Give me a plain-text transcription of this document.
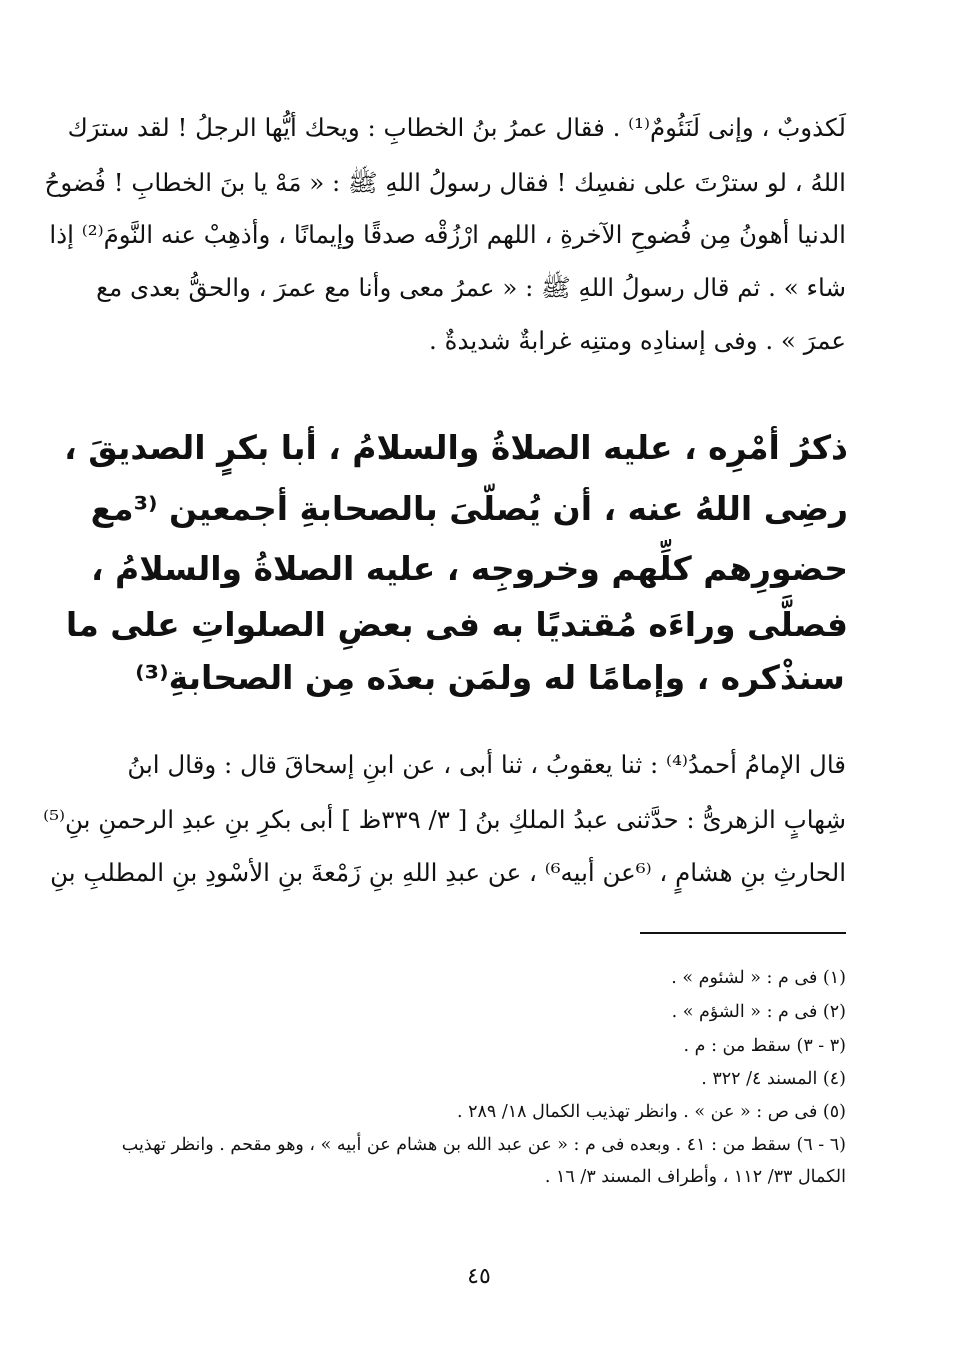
لَكذوبٌ ، وإنى لَنَئُومٌ⁽¹⁾ . فقال عمرُ بنُ الخطابِ : ويحك أيُّها الرجلُ ! لقد سترَك
اللهُ ، لو سترْتَ على نفسِك ! فقال رسولُ اللهِ ﷺ : « مَهْ يا بنَ الخطابِ ! فُضوحُ
الدنيا أهونُ مِن فُضوحِ الآخرةِ ، اللهم ارْزُقْه صدقًا وإيمانًا ، وأذهِبْ عنه النَّومَ⁽²⁾ إذا
شاء » . ثم قال رسولُ اللهِ ﷺ : « عمرُ معى وأنا مع عمرَ ، والحقُّ بعدى مع
عمرَ » . وفى إسنادِه ومتنِه غرابةٌ شديدةٌ .
ذكرُ أمْرِه ، عليه الصلاةُ والسلامُ ، أبا بكرٍ الصديقَ ،
رضِى اللهُ عنه ، أن يُصلّىَ بالصحابةِ أجمعين ⁽³مع
حضورِهم كلِّهم وخروجِه ، عليه الصلاةُ والسلامُ ،
فصلَّى وراءَه مُقتديًا به فى بعضِ الصلواتِ على ما
سنذْكره ، وإمامًا له ولمَن بعدَه مِن الصحابةِ⁽³⁾
قال الإمامُ أحمدُ⁽⁴⁾ : ثنا يعقوبُ ، ثنا أبى ، عن ابنِ إسحاقَ قال : وقال ابنُ
شِهابٍ الزهرىُّ : حدَّثنى عبدُ الملكِ بنُ [ ٣/ ٣٣٩ظ ] أبى بكرِ بنِ عبدِ الرحمنِ بنِ⁽⁵⁾
الحارثِ بنِ هشامٍ ، ⁽⁶عن أبيه⁶⁾ ، عن عبدِ اللهِ بنِ زَمْعةَ بنِ الأسْودِ بنِ المطلبِ بنِ
(١) فى م : « لشئوم » .
(٢) فى م : « الشؤم » .
(٣ - ٣) سقط من : م .
(٤) المسند ٤/ ٣٢٢ .
(٥) فى ص : « عن » . وانظر تهذيب الكمال ١٨/ ٢٨٩ .
(٦ - ٦) سقط من : ٤١ . وبعده فى م : « عن عبد الله بن هشام عن أبيه » ، وهو مقحم . وانظر تهذيب
الكمال ٣٣/ ١١٢ ، وأطراف المسند ٣/ ١٦ .
٤٥
